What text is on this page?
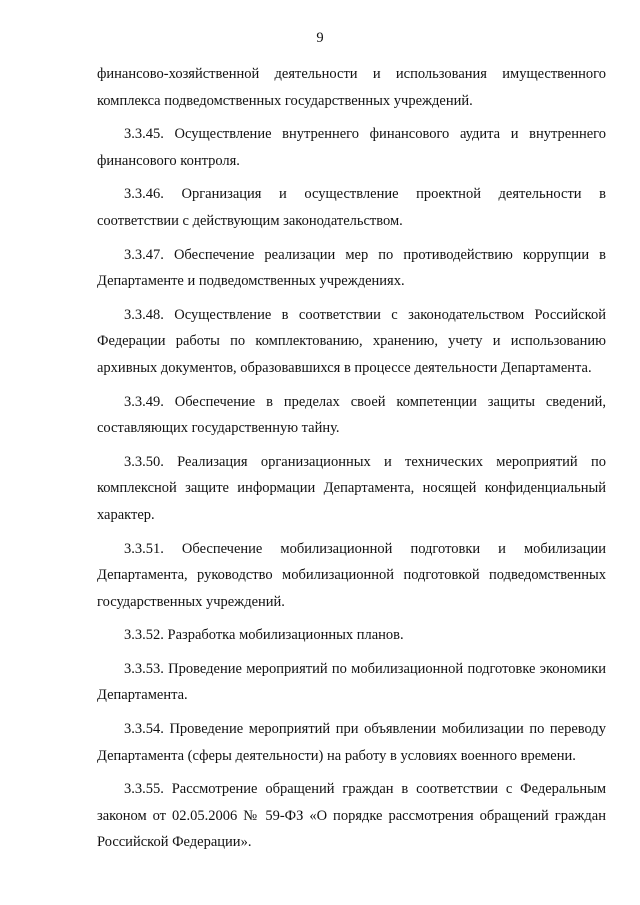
9

финансово-хозяйственной деятельности и использования имущественного комплекса подведомственных государственных учреждений.

3.3.45. Осуществление внутреннего финансового аудита и внутреннего финансового контроля.

3.3.46. Организация и осуществление проектной деятельности в соответствии с действующим законодательством.

3.3.47. Обеспечение реализации мер по противодействию коррупции в Департаменте и подведомственных учреждениях.

3.3.48. Осуществление в соответствии с законодательством Российской Федерации работы по комплектованию, хранению, учету и использованию архивных документов, образовавшихся в процессе деятельности Департамента.

3.3.49. Обеспечение в пределах своей компетенции защиты сведений, составляющих государственную тайну.

3.3.50. Реализация организационных и технических мероприятий по комплексной защите информации Департамента, носящей конфиденциальный характер.

3.3.51. Обеспечение мобилизационной подготовки и мобилизации Департамента, руководство мобилизационной подготовкой подведомственных государственных учреждений.

3.3.52. Разработка мобилизационных планов.

3.3.53. Проведение мероприятий по мобилизационной подготовке экономики Департамента.

3.3.54. Проведение мероприятий при объявлении мобилизации по переводу Департамента (сферы деятельности) на работу в условиях военного времени.

3.3.55. Рассмотрение обращений граждан в соответствии с Федеральным законом от 02.05.2006 № 59-ФЗ «О порядке рассмотрения обращений граждан Российской Федерации».
